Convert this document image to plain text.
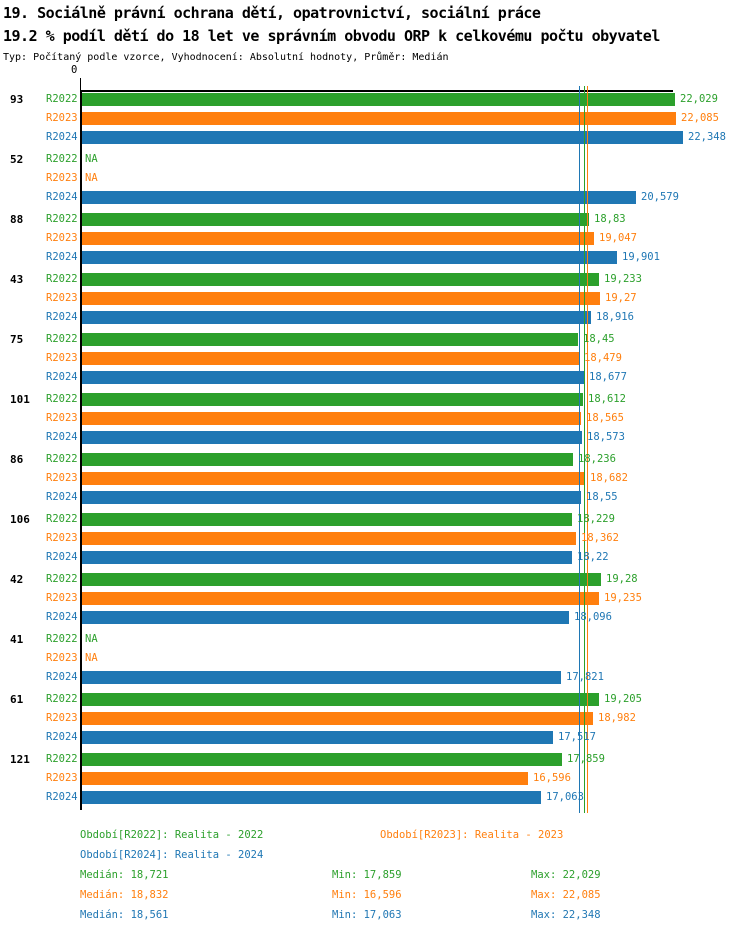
19. Sociálně právní ochrana dětí, opatrovnictví, sociální práce
19.2 % podíl dětí do 18 let ve správním obvodu ORP k celkovému počtu obyvatel
Typ: Počítaný podle vzorce, Vyhodnocení: Absolutní hodnoty, Průměr: Medián
0
93 R2022	22,029
R2023	22,085
R2024	22,348
52 R2022 NA
R2023 NA
R2024	20,579
88 R2022	18,83
R2023	19,047
R2024	19,901
43 R2022	19,233
R2023	19,27
R2024	18,916
75 R2022	18,45
R2023	18,479
R2024	18,677
101 R2022	18,612
R2023	18,565
R2024	18,573
86 R2022	18,236
R2023	18,682
R2024	18,55
106 R2022	18,229
R2023	18,362
R2024	18,22
42 R2022	19,28
R2023	19,235
R2024	18,096
41 R2022 NA
R2023 NA
R2024	17,821
61 R2022	19,205
R2023	18,982
R2024	17,517
121 R2022	17,859
R2023	16,596
R2024	17,063
Období[R2022]: Realita - 2022	Období[R2023]: Realita - 2023
Období[R2024]: Realita - 2024
Medián: 18,721	Min: 17,859	Max: 22,029
Medián: 18,832	Min: 16,596	Max: 22,085
Medián: 18,561	Min: 17,063	Max: 22,348
